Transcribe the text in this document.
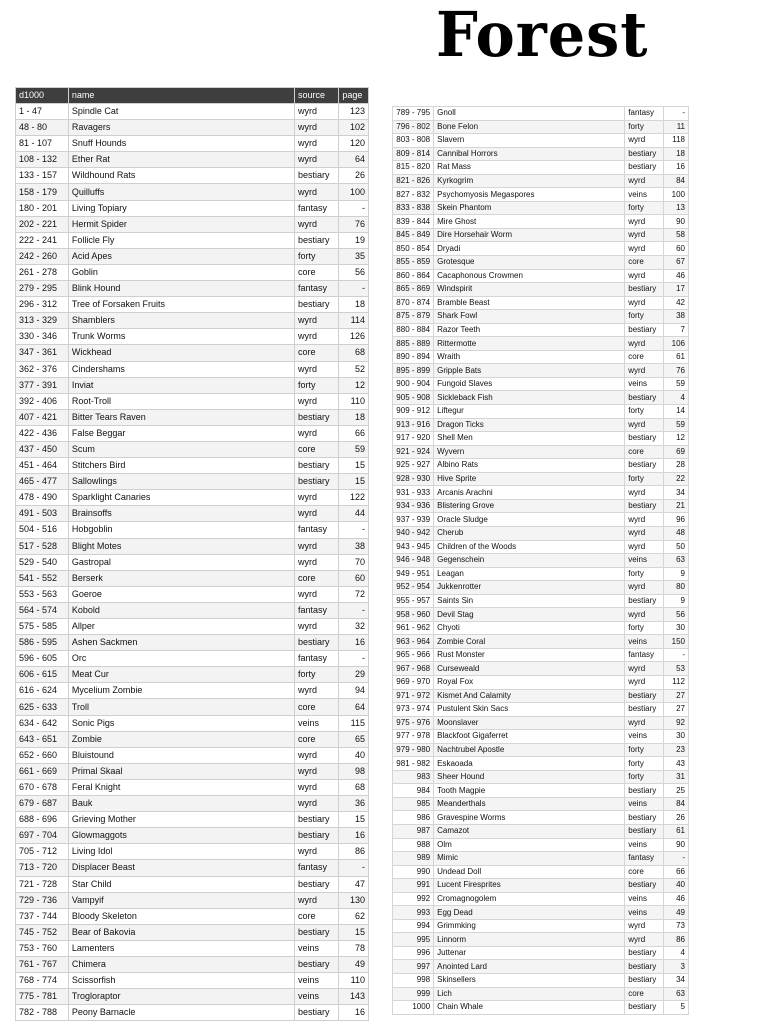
Forest
d1000	name	source	page
1 - 47	Spindle Cat	wyrd	123
48 - 80	Ravagers	wyrd	102
81 - 107	Snuff Hounds	wyrd	120
108 - 132	Ether Rat	wyrd	64
133 - 157	Wildhound Rats	bestiary	26
158 - 179	Quilluffs	wyrd	100
180 - 201	Living Topiary	fantasy	-
202 - 221	Hermit Spider	wyrd	76
222 - 241	Follicle Fly	bestiary	19
242 - 260	Acid Apes	forty	35
261 - 278	Goblin	core	56
279 - 295	Blink Hound	fantasy	-
296 - 312	Tree of Forsaken Fruits	bestiary	18
313 - 329	Shamblers	wyrd	114
330 - 346	Trunk Worms	wyrd	126
347 - 361	Wickhead	core	68
362 - 376	Cindershams	wyrd	52
377 - 391	Inviat	forty	12
392 - 406	Root-Troll	wyrd	110
407 - 421	Bitter Tears Raven	bestiary	18
422 - 436	False Beggar	wyrd	66
437 - 450	Scum	core	59
451 - 464	Stitchers Bird	bestiary	15
465 - 477	Sallowlings	bestiary	15
478 - 490	Sparklight Canaries	wyrd	122
491 - 503	Brainsoffs	wyrd	44
504 - 516	Hobgoblin	fantasy	-
517 - 528	Blight Motes	wyrd	38
529 - 540	Gastropal	wyrd	70
541 - 552	Berserk	core	60
553 - 563	Goeroe	wyrd	72
564 - 574	Kobold	fantasy	-
575 - 585	Allper	wyrd	32
586 - 595	Ashen Sackmen	bestiary	16
596 - 605	Orc	fantasy	-
606 - 615	Meat Cur	forty	29
616 - 624	Mycelium Zombie	wyrd	94
625 - 633	Troll	core	64
634 - 642	Sonic Pigs	veins	115
643 - 651	Zombie	core	65
652 - 660	Bluistound	wyrd	40
661 - 669	Primal Skaal	wyrd	98
670 - 678	Feral Knight	wyrd	68
679 - 687	Bauk	wyrd	36
688 - 696	Grieving Mother	bestiary	15
697 - 704	Glowmaggots	bestiary	16
705 - 712	Living Idol	wyrd	86
713 - 720	Displacer Beast	fantasy	-
721 - 728	Star Child	bestiary	47
729 - 736	Vampyif	wyrd	130
737 - 744	Bloody Skeleton	core	62
745 - 752	Bear of Bakovia	bestiary	15
753 - 760	Lamenters	veins	78
761 - 767	Chimera	bestiary	49
768 - 774	Scissorfish	veins	110
775 - 781	Trogloraptor	veins	143
782 - 788	Peony Barnacle	bestiary	16
789 - 795	Gnoll	fantasy	-
796 - 802	Bone Felon	forty	11
803 - 808	Slavern	wyrd	118
809 - 814	Cannibal Horrors	bestiary	18
815 - 820	Rat Mass	bestiary	16
821 - 826	Kyrkogrim	wyrd	84
827 - 832	Psychomyosis Megaspores	veins	100
833 - 838	Skein Phantom	forty	13
839 - 844	Mire Ghost	wyrd	90
845 - 849	Dire Horsehair Worm	wyrd	58
850 - 854	Dryadi	wyrd	60
855 - 859	Grotesque	core	67
860 - 864	Cacaphonous Crowmen	wyrd	46
865 - 869	Windspirit	bestiary	17
870 - 874	Bramble Beast	wyrd	42
875 - 879	Shark Fowl	forty	38
880 - 884	Razor Teeth	bestiary	7
885 - 889	Rittermotte	wyrd	106
890 - 894	Wraith	core	61
895 - 899	Gripple Bats	wyrd	76
900 - 904	Fungoid Slaves	veins	59
905 - 908	Sickleback Fish	bestiary	4
909 - 912	Liftegur	forty	14
913 - 916	Dragon Ticks	wyrd	59
917 - 920	Shell Men	bestiary	12
921 - 924	Wyvern	core	69
925 - 927	Albino Rats	bestiary	28
928 - 930	Hive Sprite	forty	22
931 - 933	Arcanis Arachni	wyrd	34
934 - 936	Blistering Grove	bestiary	21
937 - 939	Oracle Sludge	wyrd	96
940 - 942	Cherub	wyrd	48
943 - 945	Children of the Woods	wyrd	50
946 - 948	Gegenschein	veins	63
949 - 951	Leagan	forty	9
952 - 954	Jukkenrotter	wyrd	80
955 - 957	Saints Sin	bestiary	9
958 - 960	Devil Stag	wyrd	56
961 - 962	Chyoti	forty	30
963 - 964	Zombie Coral	veins	150
965 - 966	Rust Monster	fantasy	-
967 - 968	Curseweald	wyrd	53
969 - 970	Royal Fox	wyrd	112
971 - 972	Kismet And Calamity	bestiary	27
973 - 974	Pustulent Skin Sacs	bestiary	27
975 - 976	Moonslaver	wyrd	92
977 - 978	Blackfoot Gigaferret	veins	30
979 - 980	Nachtrubel Apostle	forty	23
981 - 982	Eskaoada	forty	43
983	Sheer Hound	forty	31
984	Tooth Magpie	bestiary	25
985	Meanderthals	veins	84
986	Gravespine Worms	bestiary	26
987	Camazot	bestiary	61
988	Olm	veins	90
989	Mimic	fantasy	-
990	Undead Doll	core	66
991	Lucent Firesprites	bestiary	40
992	Cromagnogolem	veins	46
993	Egg Dead	veins	49
994	Grimmking	wyrd	73
995	Linnorm	wyrd	86
996	Juttenar	bestiary	4
997	Anointed Lard	bestiary	3
998	Skinsellers	bestiary	34
999	Lich	core	63
1000	Chain Whale	bestiary	5
